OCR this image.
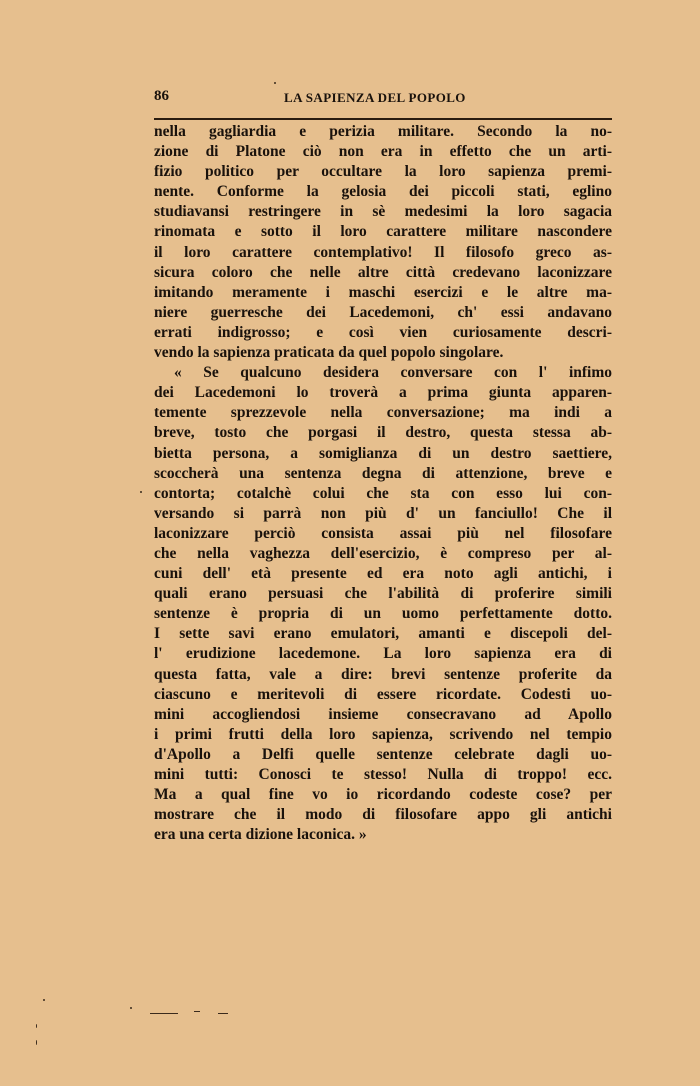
86	LA SAPIENZA DEL POPOLO
nella gagliardia e perizia militare. Secondo la no-
zione di Platone ciò non era in effetto che un arti-
fizio politico per occultare la loro sapienza premi-
nente. Conforme la gelosia dei piccoli stati, eglino
studiavansi restringere in sè medesimi la loro sagacia
rinomata e sotto il loro carattere militare nascondere
il loro carattere contemplativo! Il filosofo greco as-
sicura coloro che nelle altre città credevano laconizzare
imitando meramente i maschi esercizi e le altre ma-
niere guerresche dei Lacedemoni, ch' essi andavano
errati indigrosso; e così vien curiosamente descri-
vendo la sapienza praticata da quel popolo singolare.
« Se qualcuno desidera conversare con l' infimo
dei Lacedemoni lo troverà a prima giunta apparen-
temente sprezzevole nella conversazione; ma indi a
breve, tosto che porgasi il destro, questa stessa ab-
bietta persona, a somiglianza di un destro saettiere,
scoccherà una sentenza degna di attenzione, breve e
contorta; cotalchè colui che sta con esso lui con-
versando si parrà non più d' un fanciullo! Che il
laconizzare perciò consista assai più nel filosofare
che nella vaghezza dell'esercizio, è compreso per al-
cuni dell' età presente ed era noto agli antichi, i
quali erano persuasi che l'abilità di proferire simili
sentenze è propria di un uomo perfettamente dotto.
I sette savi erano emulatori, amanti e discepoli del-
l' erudizione lacedemone. La loro sapienza era di
questa fatta, vale a dire: brevi sentenze proferite da
ciascuno e meritevoli di essere ricordate. Codesti uo-
mini accogliendosi insieme consecravano ad Apollo
i primi frutti della loro sapienza, scrivendo nel tempio
d'Apollo a Delfi quelle sentenze celebrate dagli uo-
mini tutti: Conosci te stesso! Nulla di troppo! ecc.
Ma a qual fine vo io ricordando codeste cose? per
mostrare che il modo di filosofare appo gli antichi
era una certa dizione laconica. »
